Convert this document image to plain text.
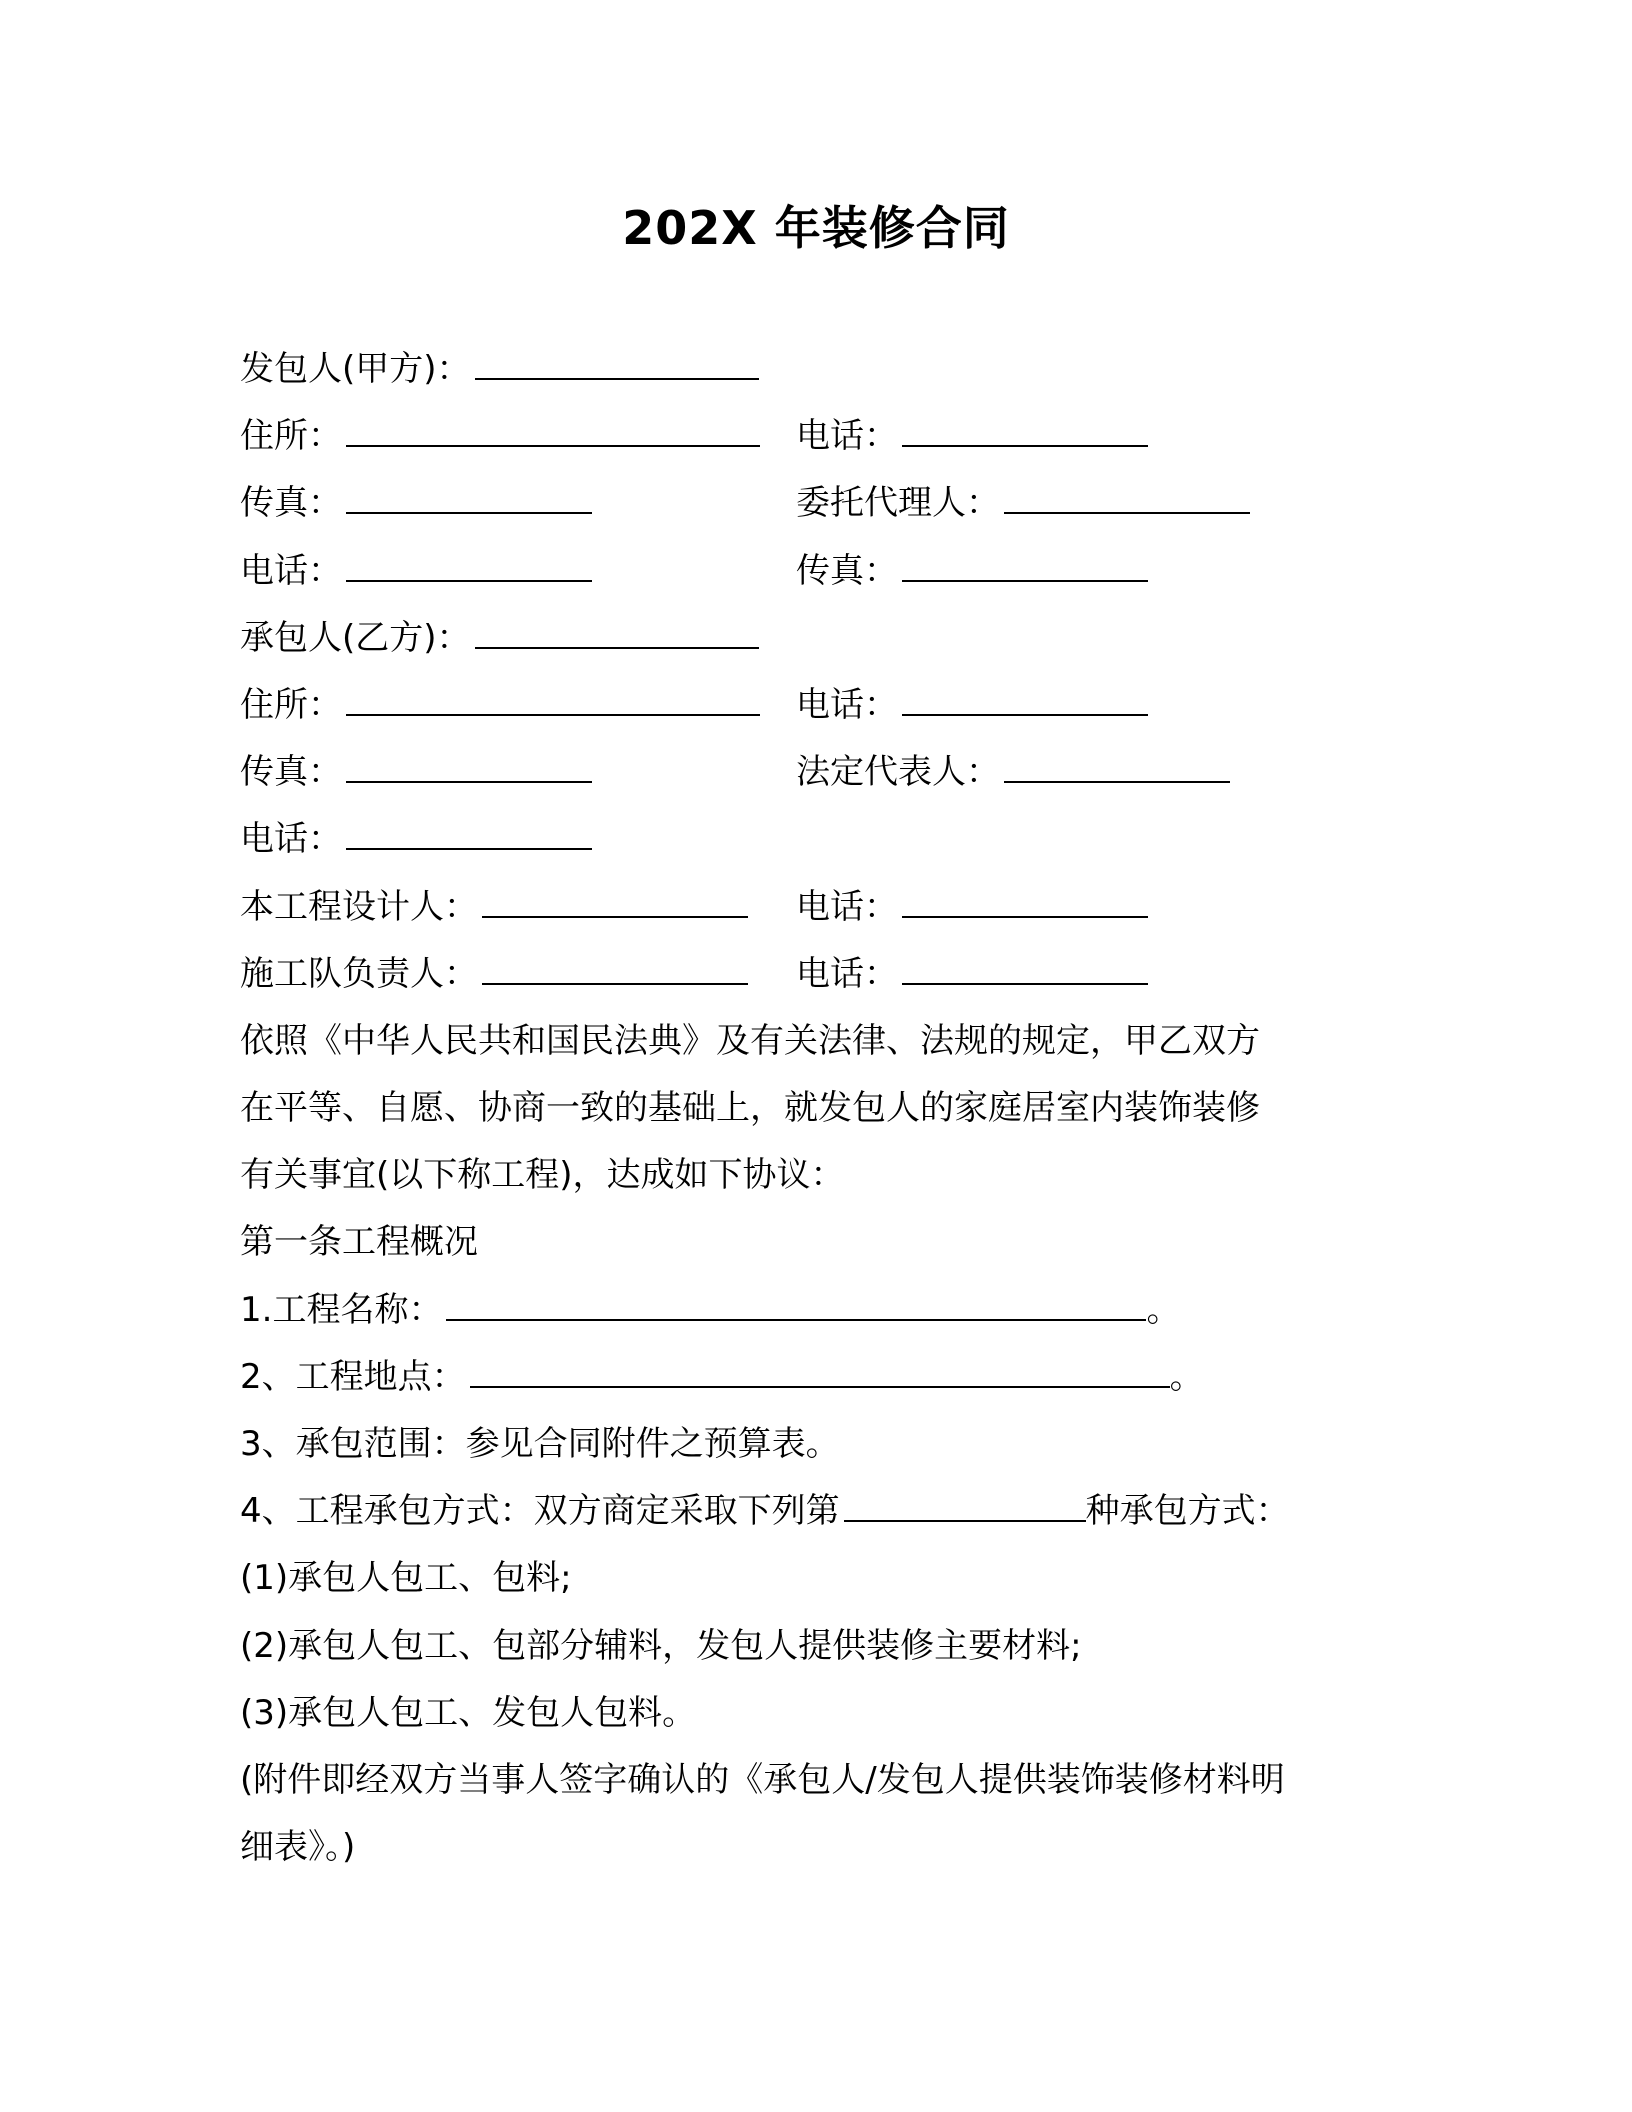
202X 年装修合同
发包人(甲方)：
住所：	电话：
传真：	委托代理人：
电话：	传真：
承包人(乙方)：
住所：	电话：
传真：	法定代表人：
电话：
本工程设计人：	电话：
施工队负责人：	电话：
依照《中华人民共和国民法典》及有关法律、法规的规定，甲乙双方
在平等、自愿、协商一致的基础上，就发包人的家庭居室内装饰装修
有关事宜(以下称工程)，达成如下协议：
第一条工程概况
1.工程名称：	。
2、工程地点：	。
3、承包范围：参见合同附件之预算表。
4、工程承包方式：双方商定采取下列第	种承包方式：
(1)承包人包工、包料;
(2)承包人包工、包部分辅料，发包人提供装修主要材料;
(3)承包人包工、发包人包料。
(附件即经双方当事人签字确认的《承包人/发包人提供装饰装修材料明
细表》。)
